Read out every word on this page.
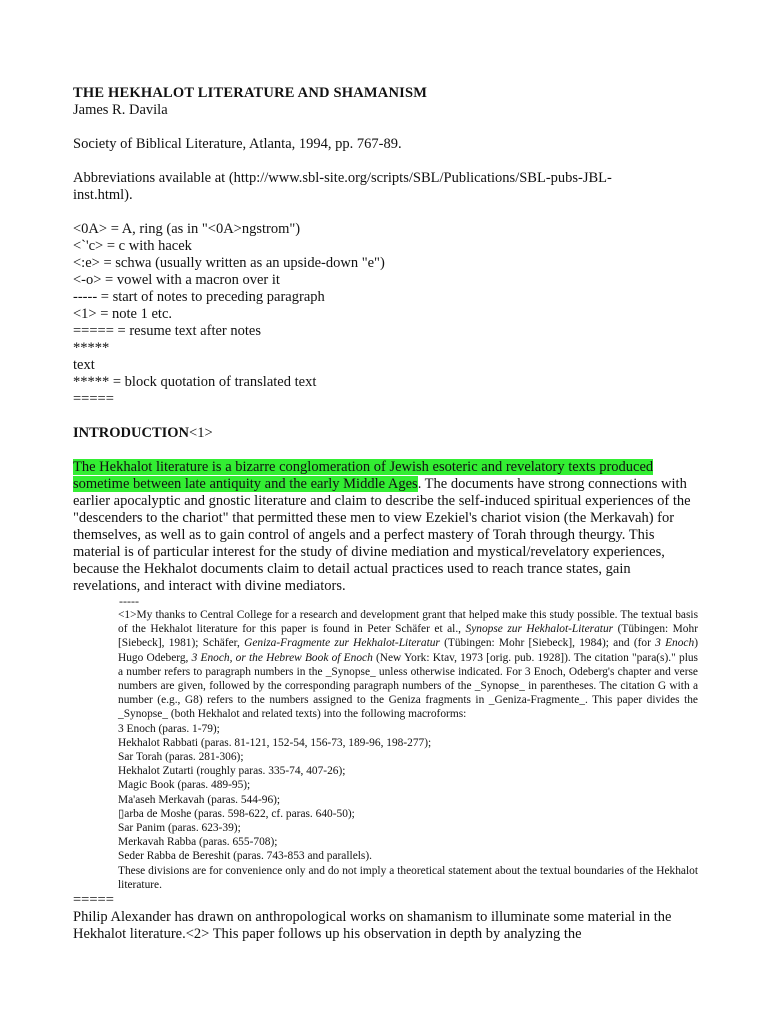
THE HEKHALOT LITERATURE AND SHAMANISM

James R. Davila

Society of Biblical Literature, Atlanta, 1994, pp. 767-89.

Abbreviations available at (http://www.sbl-site.org/scripts/SBL/Publications/SBL-pubs-JBL-
inst.html).

<0A> = A, ring (as in "<0A>ngstrom")

<`'c> = c with hacek

<:e> = schwa (usually written as an upside-down "e")

<-o> = vowel with a macron over it

----- = start of notes to preceding paragraph

<1> = note 1 etc.

===== = resume text after notes

*****

text

***** = block quotation of translated text

=====

INTRODUCTION<1>

The Hekhalot literature is a bizarre conglomeration of Jewish esoteric and revelatory texts produced sometime between late antiquity and the early Middle Ages. The documents have strong connections with earlier apocalyptic and gnostic literature and claim to describe the self-induced spiritual experiences of the "descenders to the chariot" that permitted these men to view Ezekiel's chariot vision (the Merkavah) for themselves, as well as to gain control of angels and a perfect mastery of Torah through theurgy. This material is of particular interest for the study of divine mediation and mystical/revelatory experiences, because the Hekhalot documents claim to detail actual practices used to reach trance states, gain revelations, and interact with divine mediators.

-----
<1>My thanks to Central College for a research and development grant that helped make this study possible. The textual basis of the Hekhalot literature for this paper is found in Peter Schäfer et al., Synopse zur Hekhalot-Literatur (Tübingen: Mohr [Siebeck], 1981); Schäfer, Geniza-Fragmente zur Hekhalot-Literatur (Tübingen: Mohr [Siebeck], 1984); and (for 3 Enoch) Hugo Odeberg, 3 Enoch, or the Hebrew Book of Enoch (New York: Ktav, 1973 [orig. pub. 1928]). The citation "para(s)." plus a number refers to paragraph numbers in the _Synopse_ unless otherwise indicated. For 3 Enoch, Odeberg's chapter and verse numbers are given, followed by the corresponding paragraph numbers of the _Synopse_ in parentheses. The citation G with a number (e.g., G8) refers to the numbers assigned to the Geniza fragments in _Geniza-Fragmente_. This paper divides the _Synopse_ (both Hekhalot and related texts) into the following macroforms:
3 Enoch (paras. 1-79);
Hekhalot Rabbati (paras. 81-121, 152-54, 156-73, 189-96, 198-277);
Sar Torah (paras. 281-306);
Hekhalot Zutarti (roughly paras. 335-74, 407-26);
Magic Book (paras. 489-95);
Ma'aseh Merkavah (paras. 544-96);
▯arba de Moshe (paras. 598-622, cf. paras. 640-50);
Sar Panim (paras. 623-39);
Merkavah Rabba (paras. 655-708);
Seder Rabba de Bereshit (paras. 743-853 and parallels).
These divisions are for convenience only and do not imply a theoretical statement about the textual boundaries of the Hekhalot literature.

=====

Philip Alexander has drawn on anthropological works on shamanism to illuminate some material in the Hekhalot literature.<2> This paper follows up his observation in depth by analyzing the
